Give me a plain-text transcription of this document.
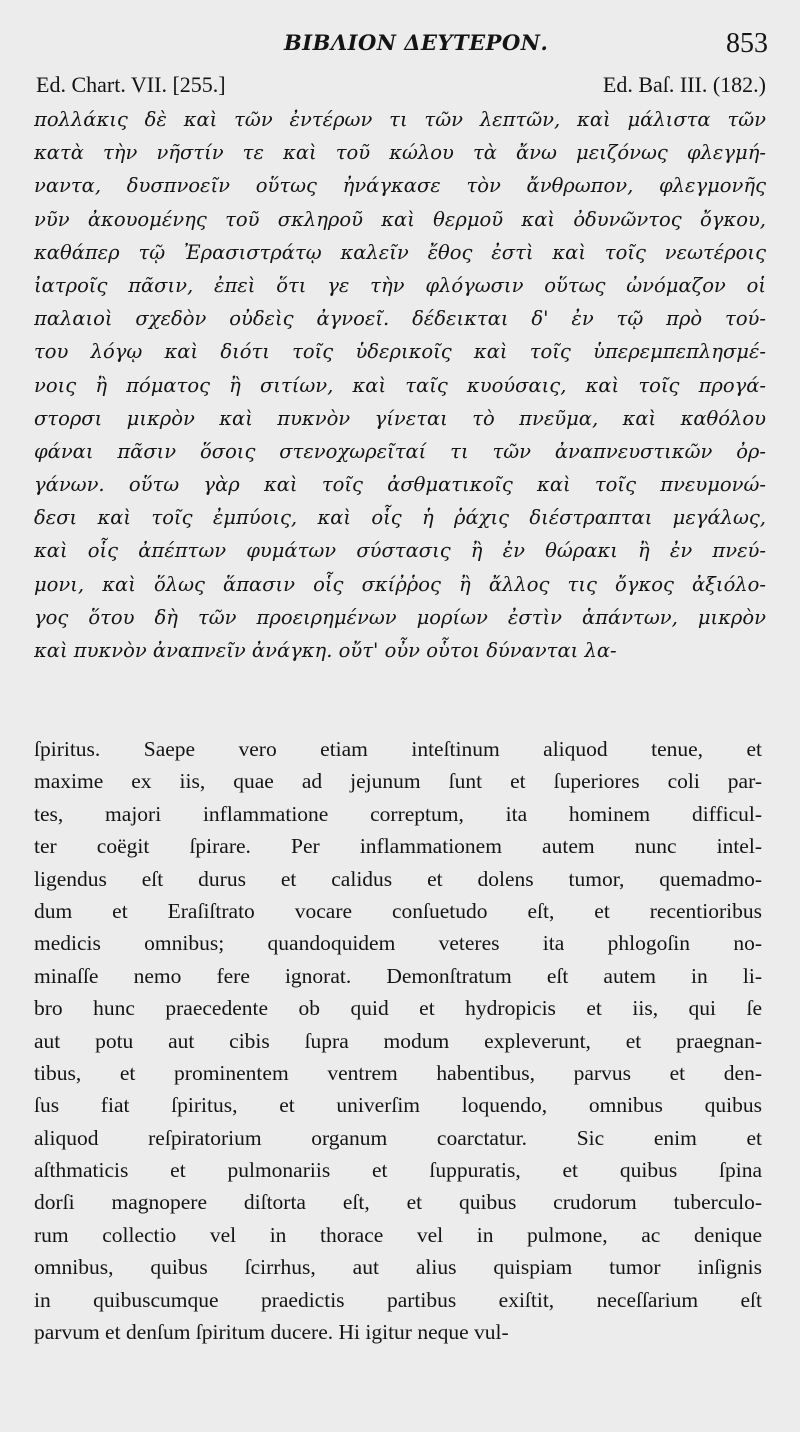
ΒΙΒΛΙΟΝ ΔΕΥΤΕΡΟΝ.	853
Ed. Chart. VII. [255.]	Ed. Baſ. III. (182.)
πολλάκις δὲ καὶ τῶν ἐντέρων τι τῶν λεπτῶν, καὶ μάλιστα τῶν
κατὰ τὴν νῆστίν τε καὶ τοῦ κώλου τὰ ἄνω μειζόνως φλεγμή-
ναντα, δυσπνοεῖν οὕτως ἠνάγκασε τὸν ἄνθρωπον, φλεγμονῆς
νῦν ἀκουομένης τοῦ σκληροῦ καὶ θερμοῦ καὶ ὀδυνῶντος ὄγκου,
καθάπερ τῷ Ἐρασιστράτῳ καλεῖν ἔθος ἐστὶ καὶ τοῖς νεωτέροις
ἰατροῖς πᾶσιν, ἐπεὶ ὅτι γε τὴν φλόγωσιν οὕτως ὠνόμαζον οἱ
παλαιοὶ σχεδὸν οὐδεὶς ἀγνοεῖ. δέδεικται δ' ἐν τῷ πρὸ τού-
του λόγῳ καὶ διότι τοῖς ὑδερικοῖς καὶ τοῖς ὑπερεμπεπλησμέ-
νοις ἢ πόματος ἢ σιτίων, καὶ ταῖς κυούσαις, καὶ τοῖς προγά-
στορσι μικρὸν καὶ πυκνὸν γίνεται τὸ πνεῦμα, καὶ καθόλου
φάναι πᾶσιν ὅσοις στενοχωρεῖταί τι τῶν ἀναπνευστικῶν ὀρ-
γάνων. οὕτω γὰρ καὶ τοῖς ἀσθματικοῖς καὶ τοῖς πνευμονώ-
δεσι καὶ τοῖς ἐμπύοις, καὶ οἷς ἡ ῥάχις διέστραπται μεγάλως,
καὶ οἷς ἀπέπτων φυμάτων σύστασις ἢ ἐν θώρακι ἢ ἐν πνεύ-
μονι, καὶ ὅλως ἅπασιν οἷς σκίῤῥος ἢ ἄλλος τις ὄγκος ἀξιόλο-
γος ὅτου δὴ τῶν προειρημένων μορίων ἐστὶν ἁπάντων, μικρὸν
καὶ πυκνὸν ἀναπνεῖν ἀνάγκη. οὔτ' οὖν οὗτοι δύνανται λα-
ſpiritus. Saepe vero etiam inteſtinum aliquod tenue, et
maxime ex iis, quae ad jejunum ſunt et ſuperiores coli par-
tes, majori inflammatione correptum, ita hominem difficul-
ter coëgit ſpirare. Per inflammationem autem nunc intel-
ligendus eſt durus et calidus et dolens tumor, quemadmo-
dum et Eraſiſtrato vocare conſuetudo eſt, et recentioribus
medicis omnibus; quandoquidem veteres ita phlogoſin no-
minaſſe nemo fere ignorat. Demonſtratum eſt autem in li-
bro hunc praecedente ob quid et hydropicis et iis, qui ſe
aut potu aut cibis ſupra modum expleverunt, et praegnan-
tibus, et prominentem ventrem habentibus, parvus et den-
ſus fiat ſpiritus, et univerſim loquendo, omnibus quibus
aliquod reſpiratorium organum coarctatur. Sic enim et
aſthmaticis et pulmonariis et ſuppuratis, et quibus ſpina
dorſi magnopere diſtorta eſt, et quibus crudorum tuberculo-
rum collectio vel in thorace vel in pulmone, ac denique
omnibus, quibus ſcirrhus, aut alius quispiam tumor inſignis
in quibuscumque praedictis partibus exiſtit, neceſſarium eſt
parvum et denſum ſpiritum ducere. Hi igitur neque vul-
